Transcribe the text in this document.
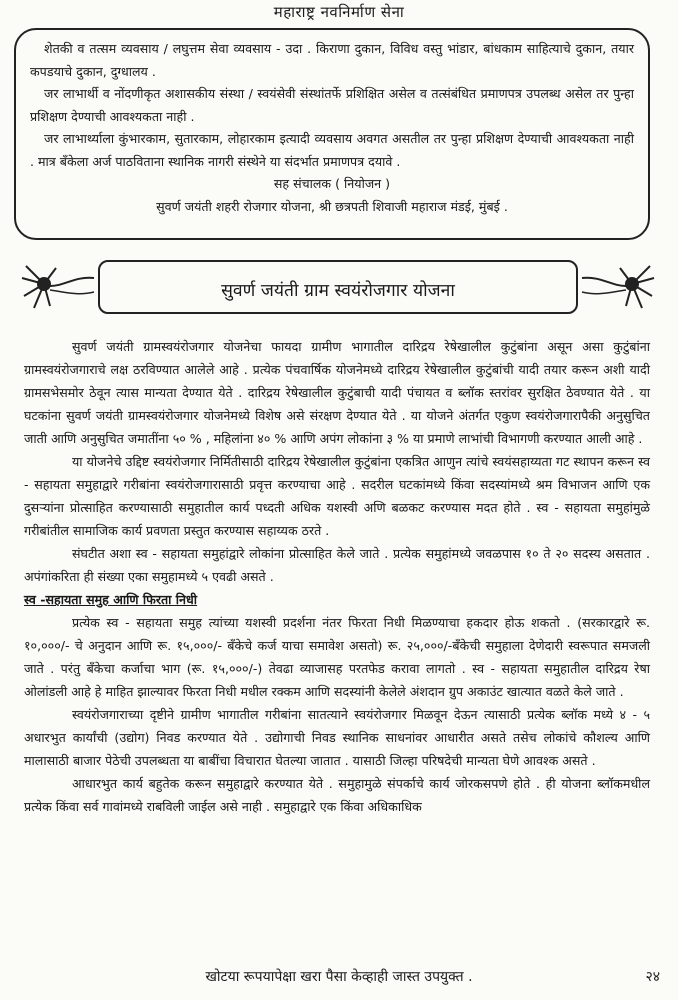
महाराष्ट्र नवनिर्माण सेना

शेतकी व तत्सम व्यवसाय / लघुत्तम सेवा व्यवसाय - उदा . किराणा दुकान, विविध वस्तु भांडार, बांधकाम साहित्याचे दुकान, तयार कपडयाचे दुकान, दुग्धालय .

जर लाभार्थी व नोंदणीकृत अशासकीय संस्था / स्वयंसेवी संस्थांतर्फे प्रशिक्षित असेल व तत्संबंधित प्रमाणपत्र उपलब्ध असेल तर पुन्हा प्रशिक्षण देण्याची आवश्यकता नाही .

जर लाभार्थ्याला कुंभारकाम, सुतारकाम, लोहारकाम इत्यादी व्यवसाय अवगत असतील तर पुन्हा प्रशिक्षण देण्याची आवश्यकता नाही . मात्र बँकेला अर्ज पाठविताना स्थानिक नागरी संस्थेने या संदर्भात प्रमाणपत्र दयावे .

सह संचालक ( नियोजन )

सुवर्ण जयंती शहरी रोजगार योजना, श्री छत्रपती शिवाजी महाराज मंडई, मुंबई .

सुवर्ण जयंती ग्राम स्वयंरोजगार योजना

सुवर्ण जयंती ग्रामस्वयंरोजगार योजनेचा फायदा ग्रामीण भागातील दारिद्रय रेषेखालील कुटुंबांना असून असा कुटुंबांना ग्रामस्वयंरोजगाराचे लक्ष ठरविण्यात आलेले आहे . प्रत्येक पंचवार्षिक योजनेमध्ये दारिद्रय रेषेखालील कुटुंबांची यादी तयार करून अशी यादी ग्रामसभेसमोर ठेवून त्यास मान्यता देण्यात येते . दारिद्रय रेषेखालील कुटुंबाची यादी पंचायत व ब्लॉक स्तरांवर सुरक्षित ठेवण्यात येते . या घटकांना सुवर्ण जयंती ग्रामस्वयंरोजगार योजनेमध्ये विशेष असे संरक्षण देण्यात येते . या योजने अंतर्गत एकुण स्वयंरोजगारापैकी अनुसुचित जाती आणि अनुसुचित जमातींना ५० % , महिलांना ४० % आणि अपंग लोकांना ३ % या प्रमाणे लाभांची विभागणी करण्यात आली आहे .

या योजनेचे उद्दिष्ट स्वयंरोजगार निर्मितीसाठी दारिद्रय रेषेखालील कुटुंबांना एकत्रित आणुन त्यांचे स्वयंसहाय्यता गट स्थापन करून स्व - सहायता समुहाद्वारे गरीबांना स्वयंरोजगारासाठी प्रवृत्त करण्याचा आहे . सदरील घटकांमध्ये किंवा सदस्यांमध्ये श्रम विभाजन आणि एक दुसऱ्यांना प्रोत्साहित करण्यासाठी समुहातील कार्य पध्दती अधिक यशस्वी अणि बळकट करण्यास मदत होते . स्व - सहायता समुहांमुळे गरीबांतील सामाजिक कार्य प्रवणता प्रस्तुत करण्यास सहाय्यक ठरते .

संघटीत अशा स्व - सहायता समुहांद्वारे लोकांना प्रोत्साहित केले जाते . प्रत्येक समुहांमध्ये जवळपास १० ते २० सदस्य असतात . अपंगांकरिता ही संख्या एका समुहामध्ये ५ एवढी असते .

स्व -सहायता समुह आणि फिरता निधी

प्रत्येक स्व - सहायता समुह त्यांच्या यशस्वी प्रदर्शना नंतर फिरता निधी मिळण्याचा हकदार होऊ शकतो . (सरकारद्वारे रू. १०,०००/- चे अनुदान आणि रू. १५,०००/- बँकेचे कर्ज याचा समावेश असतो) रू. २५,०००/-बँकेची समुहाला देणेदारी स्वरूपात समजली जाते . परंतु बँकेचा कर्जाचा भाग (रू. १५,०००/-) तेवढा व्याजासह परतफेड करावा लागतो . स्व - सहायता समुहातील दारिद्रय रेषा ओलांडली आहे हे माहित झाल्यावर फिरता निधी मधील रक्कम आणि सदस्यांनी केलेले अंशदान ग्रुप अकाउंट खात्यात वळते केले जाते .

स्वयंरोजगाराच्या दृष्टीने ग्रामीण भागातील गरीबांना सातत्याने स्वयंरोजगार मिळवून देऊन त्यासाठी प्रत्येक ब्लॉक मध्ये ४ - ५ अधारभुत कार्यांची (उद्योग) निवड करण्यात येते . उद्योगाची निवड स्थानिक साधनांवर आधारीत असते तसेच लोकांचे कौशल्य आणि मालासाठी बाजार पेठेची उपलब्धता या बाबींचा विचारात घेतल्या जातात . यासाठी जिल्हा परिषदेची मान्यता घेणे आवश्क असते .

आधारभुत कार्य बहुतेक करून समुहाद्वारे करण्यात येते . समुहामुळे संपर्काचे कार्य जोरकसपणे होते . ही योजना ब्लॉकमधील प्रत्येक किंवा सर्व गावांमध्ये राबविली जाईल असे नाही . समुहाद्वारे एक किंवा अधिकाधिक

खोटया रूपयापेक्षा खरा पैसा केव्हाही जास्त उपयुक्त .	२४
